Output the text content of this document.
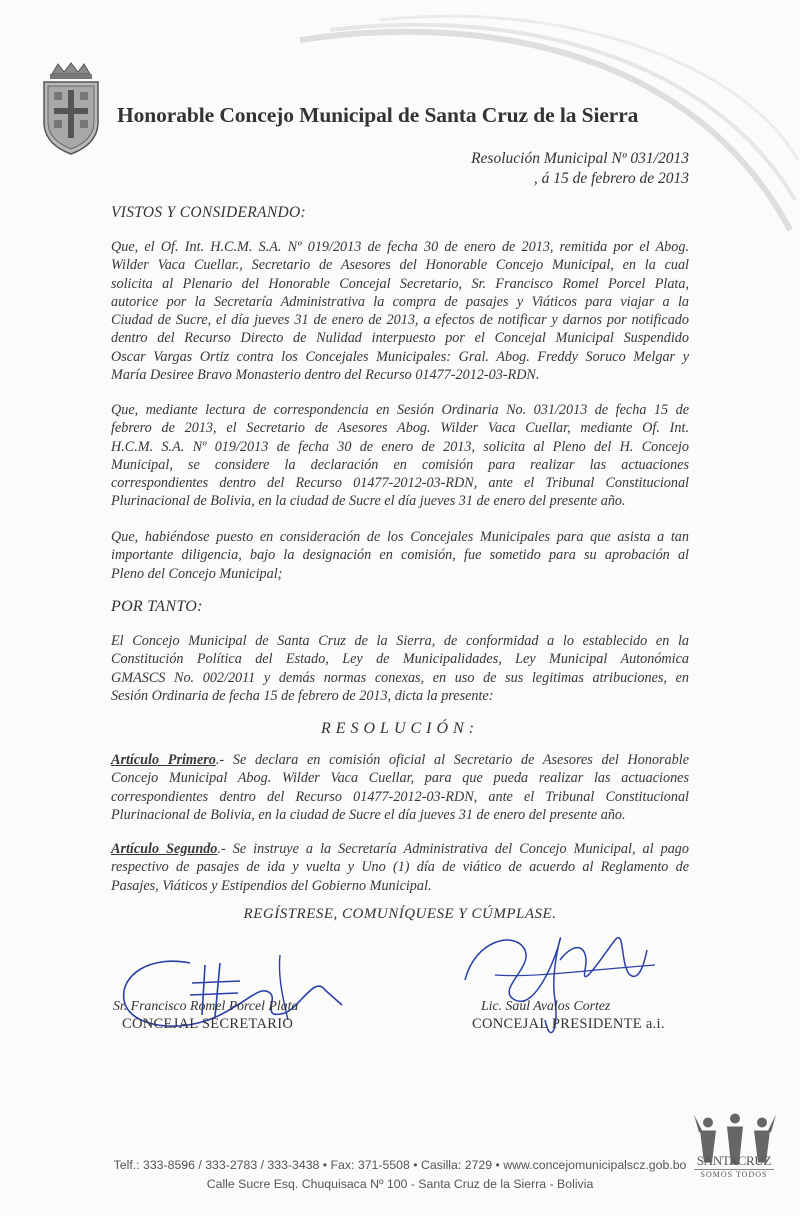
Honorable Concejo Municipal de Santa Cruz de la Sierra
Resolución Municipal Nº 031/2013
, á 15 de febrero de 2013
VISTOS Y CONSIDERANDO:
Que, el Of. Int. H.C.M. S.A. Nº 019/2013 de fecha 30 de enero de 2013, remitida por el Abog.
Wilder Vaca Cuellar., Secretario de Asesores del Honorable Concejo Municipal, en la cual
solicita al Plenario del Honorable Concejal Secretario, Sr. Francisco Romel Porcel Plata,
autorice por la Secretaría Administrativa la compra de pasajes y Viáticos para viajar a la
Ciudad de Sucre, el día jueves 31 de enero de 2013, a efectos de notificar y darnos por notificado
dentro del Recurso Directo de Nulidad interpuesto por el Concejal Municipal Suspendido
Oscar Vargas Ortiz contra los Concejales Municipales: Gral. Abog. Freddy Soruco Melgar y
María Desiree Bravo Monasterio dentro del Recurso 01477-2012-03-RDN.
Que, mediante lectura de correspondencia en Sesión Ordinaria No. 031/2013 de fecha 15 de
febrero de 2013, el Secretario de Asesores Abog. Wilder Vaca Cuellar, mediante Of. Int.
H.C.M. S.A. Nº 019/2013 de fecha 30 de enero de 2013, solicita al Pleno del H. Concejo
Municipal, se considere la declaración en comisión para realizar las actuaciones
correspondientes dentro del Recurso 01477-2012-03-RDN, ante el Tribunal Constitucional
Plurinacional de Bolivia, en la ciudad de Sucre el día jueves 31 de enero del presente año.
Que, habiéndose puesto en consideración de los Concejales Municipales para que asista a tan
importante diligencia, bajo la designación en comisión, fue sometido para su aprobación al
Pleno del Concejo Municipal;
POR TANTO:
El Concejo Municipal de Santa Cruz de la Sierra, de conformidad a lo establecido en la
Constitución Política del Estado, Ley de Municipalidades, Ley Municipal Autonómica
GMASCS No. 002/2011 y demás normas conexas, en uso de sus legitimas atribuciones, en
Sesión Ordinaria de fecha 15 de febrero de 2013, dicta la presente:
RESOLUCIÓN:
Artículo Primero.- Se declara en comisión oficial al Secretario de Asesores del Honorable
Concejo Municipal Abog. Wilder Vaca Cuellar, para que pueda realizar las actuaciones
correspondientes dentro del Recurso 01477-2012-03-RDN, ante el Tribunal Constitucional
Plurinacional de Bolivia, en la ciudad de Sucre el día jueves 31 de enero del presente año.
Artículo Segundo.- Se instruye a la Secretaría Administrativa del Concejo Municipal, al pago
respectivo de pasajes de ida y vuelta y Uno (1) día de viático de acuerdo al Reglamento de
Pasajes, Viáticos y Estipendios del Gobierno Municipal.
REGÍSTRESE, COMUNÍQUESE Y CÚMPLASE.
Sr. Francisco Romel Porcel Plata
CONCEJAL SECRETARIO
Lic. Saúl Avalos Cortez
CONCEJAL PRESIDENTE a.i.
Telf.: 333-8596 / 333-2783 / 333-3438 • Fax: 371-5508 • Casilla: 2729 • www.concejomunicipalscz.gob.bo
Calle Sucre Esq. Chuquisaca Nº 100 - Santa Cruz de la Sierra - Bolivia
SANTACRUZ
SOMOS TODOS
